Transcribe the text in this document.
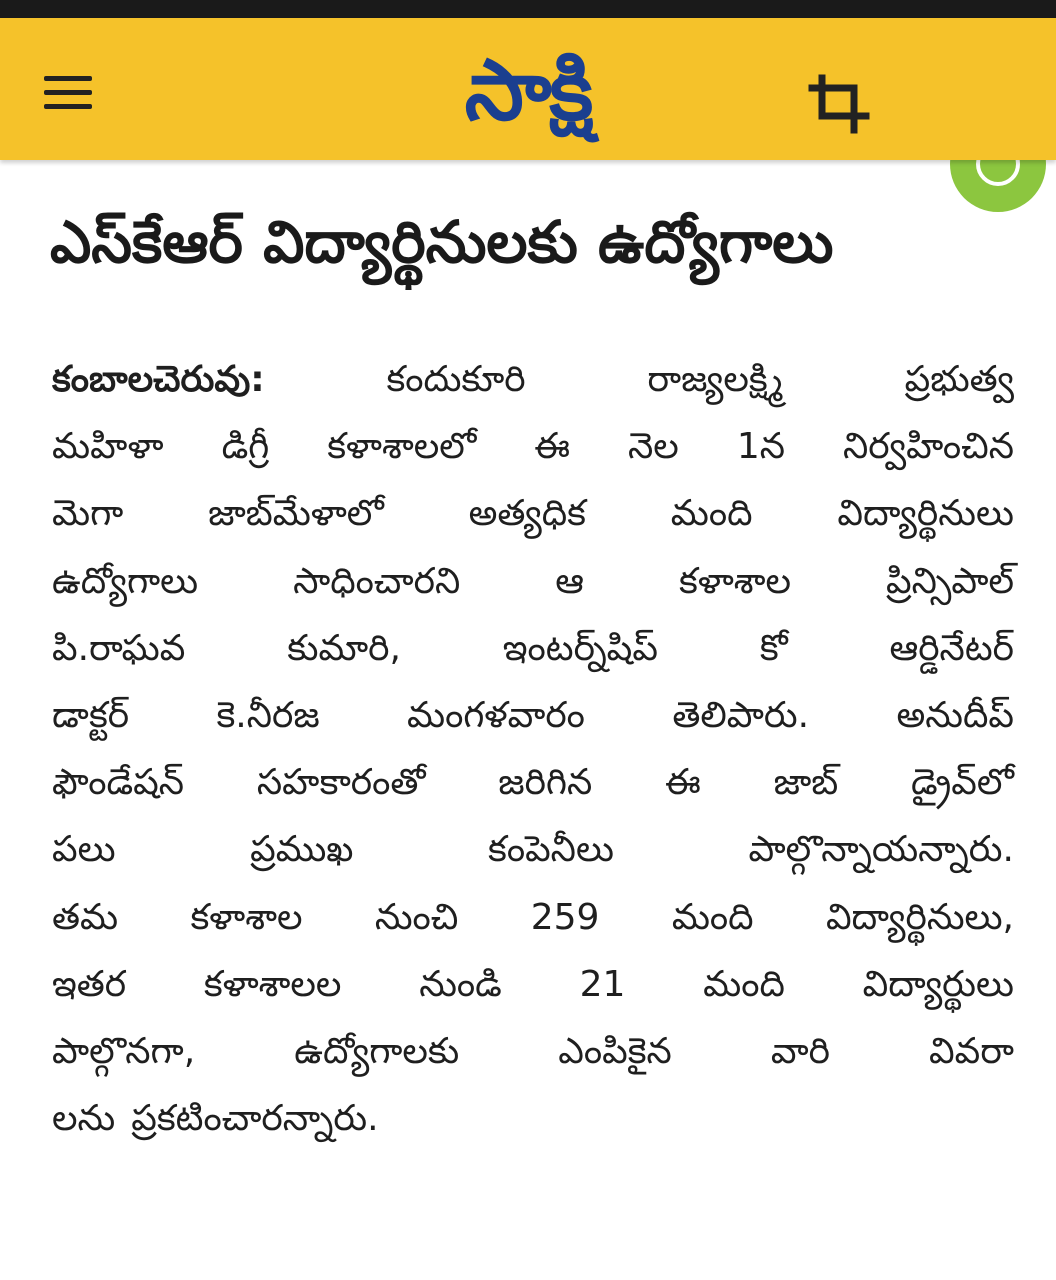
సాక్షి
ఎస్‌కేఆర్ విద్యార్థినులకు ఉద్యోగాలు
కంబాలచెరువు:	కందుకూరి	రాజ్యలక్ష్మి	ప్రభుత్వ
మహిళా డిగ్రీ కళాశాలలో ఈ నెల 1న నిర్వహించిన
మెగా జాబ్‌మేళాలో అత్యధిక మంది విద్యార్థినులు
ఉద్యోగాలు	సాధించారని	ఆ	కళాశాల	ప్రిన్సిపాల్
పి.రాఘవ	కుమారి,	ఇంటర్న్‌షిప్	కో	ఆర్డినేటర్
డాక్టర్ కె.నీరజ మంగళవారం తెలిపారు. అనుదీప్
ఫౌండేషన్ సహకారంతో జరిగిన ఈ జాబ్ డ్రైవ్‌లో
పలు	ప్రముఖ	కంపెనీలు	పాల్గొన్నాయన్నారు.
తమ కళాశాల నుంచి 259 మంది విద్యార్థినులు,
ఇతర కళాశాలల నుండి 21 మంది విద్యార్థులు
పాల్గొనగా,	ఉద్యోగాలకు	ఎంపికైన	వారి	వివరా
లను ప్రకటించారన్నారు.
